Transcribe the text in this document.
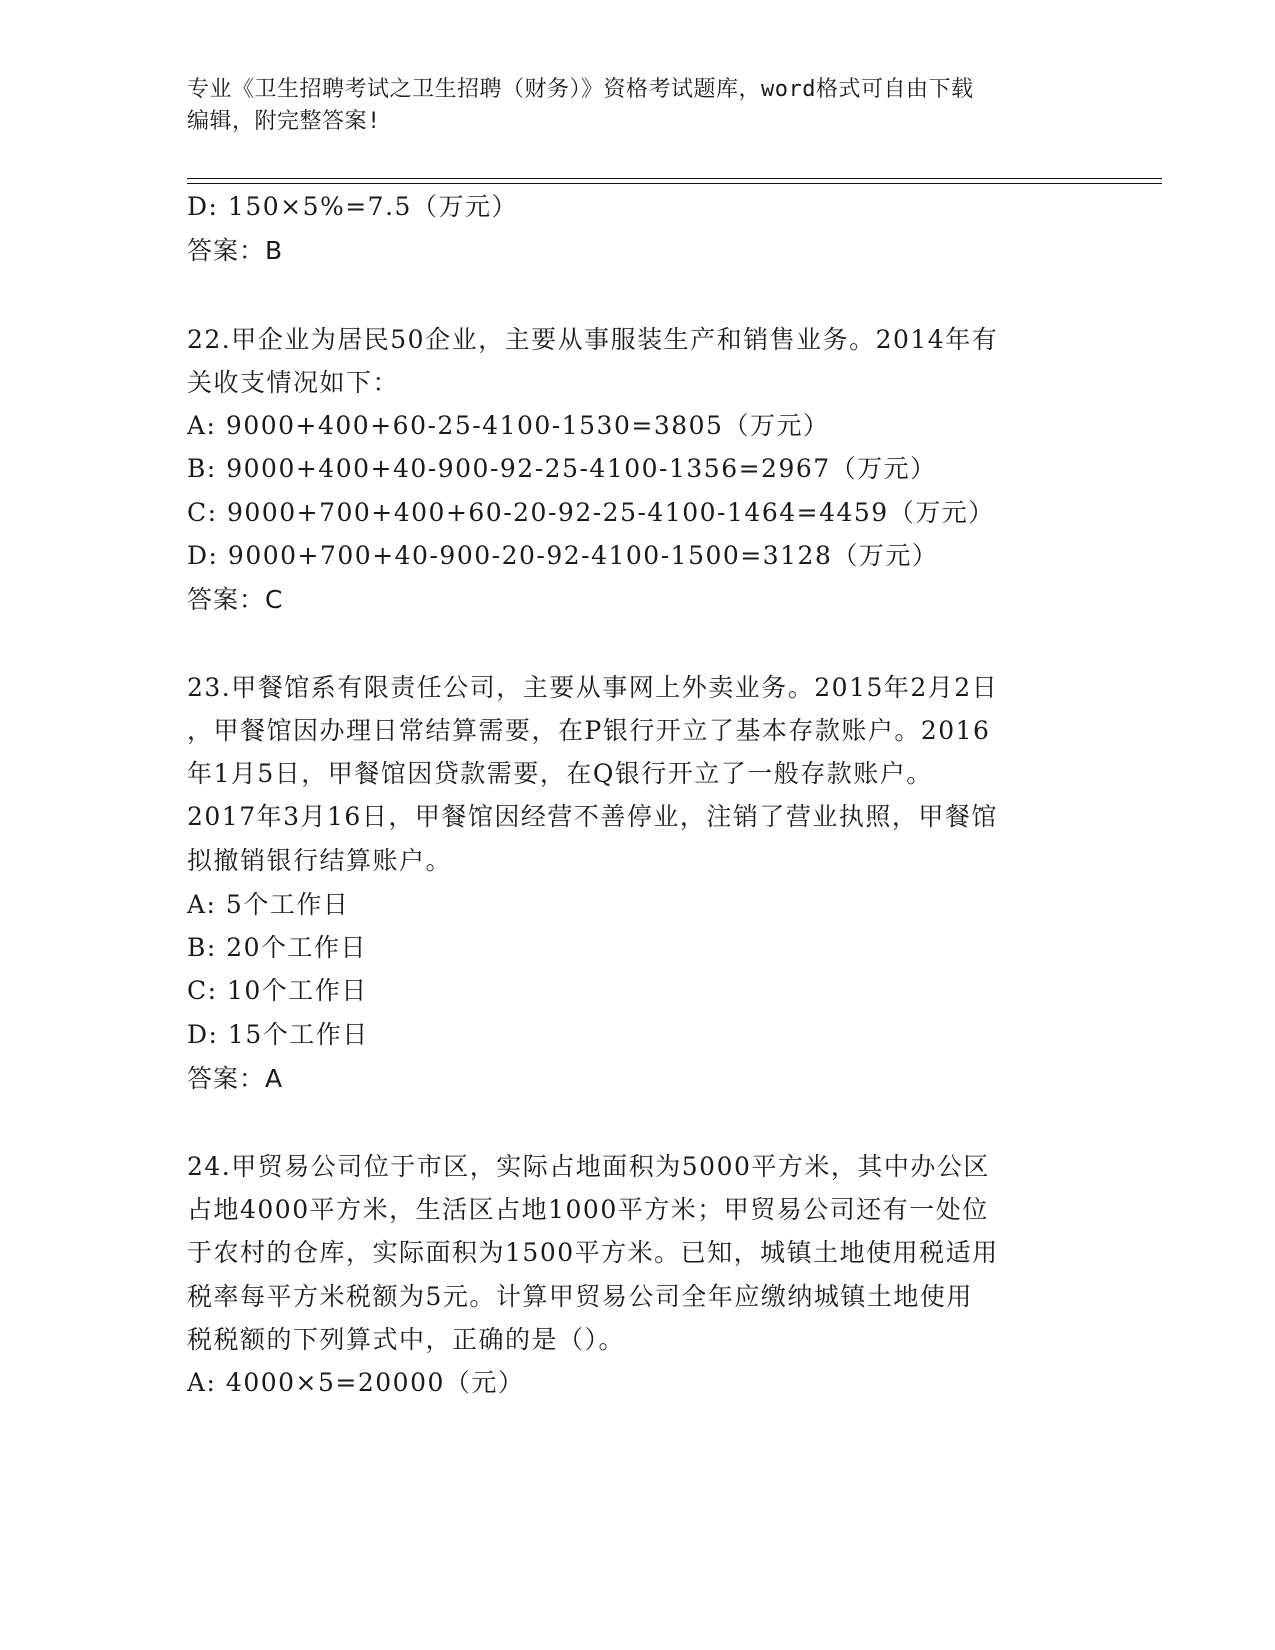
专业《卫生招聘考试之卫生招聘（财务）》资格考试题库，word格式可自由下载
编辑，附完整答案!
D: 150×5%=7.5（万元）
答案：B
22.甲企业为居民50企业，主要从事服装生产和销售业务。2014年有
关收支情况如下：
A: 9000+400+60-25-4100-1530=3805（万元）
B: 9000+400+40-900-92-25-4100-1356=2967（万元）
C: 9000+700+400+60-20-92-25-4100-1464=4459（万元）
D: 9000+700+40-900-20-92-4100-1500=3128（万元）
答案：C
23.甲餐馆系有限责任公司，主要从事网上外卖业务。2015年2月2日
，甲餐馆因办理日常结算需要，在P银行开立了基本存款账户。2016
年1月5日，甲餐馆因贷款需要，在Q银行开立了一般存款账户。
2017年3月16日，甲餐馆因经营不善停业，注销了营业执照，甲餐馆
拟撤销银行结算账户。
A: 5个工作日
B: 20个工作日
C: 10个工作日
D: 15个工作日
答案：A
24.甲贸易公司位于市区，实际占地面积为5000平方米，其中办公区
占地4000平方米，生活区占地1000平方米；甲贸易公司还有一处位
于农村的仓库，实际面积为1500平方米。已知，城镇土地使用税适用
税率每平方米税额为5元。计算甲贸易公司全年应缴纳城镇土地使用
税税额的下列算式中，正确的是（）。
A: 4000×5=20000（元）
